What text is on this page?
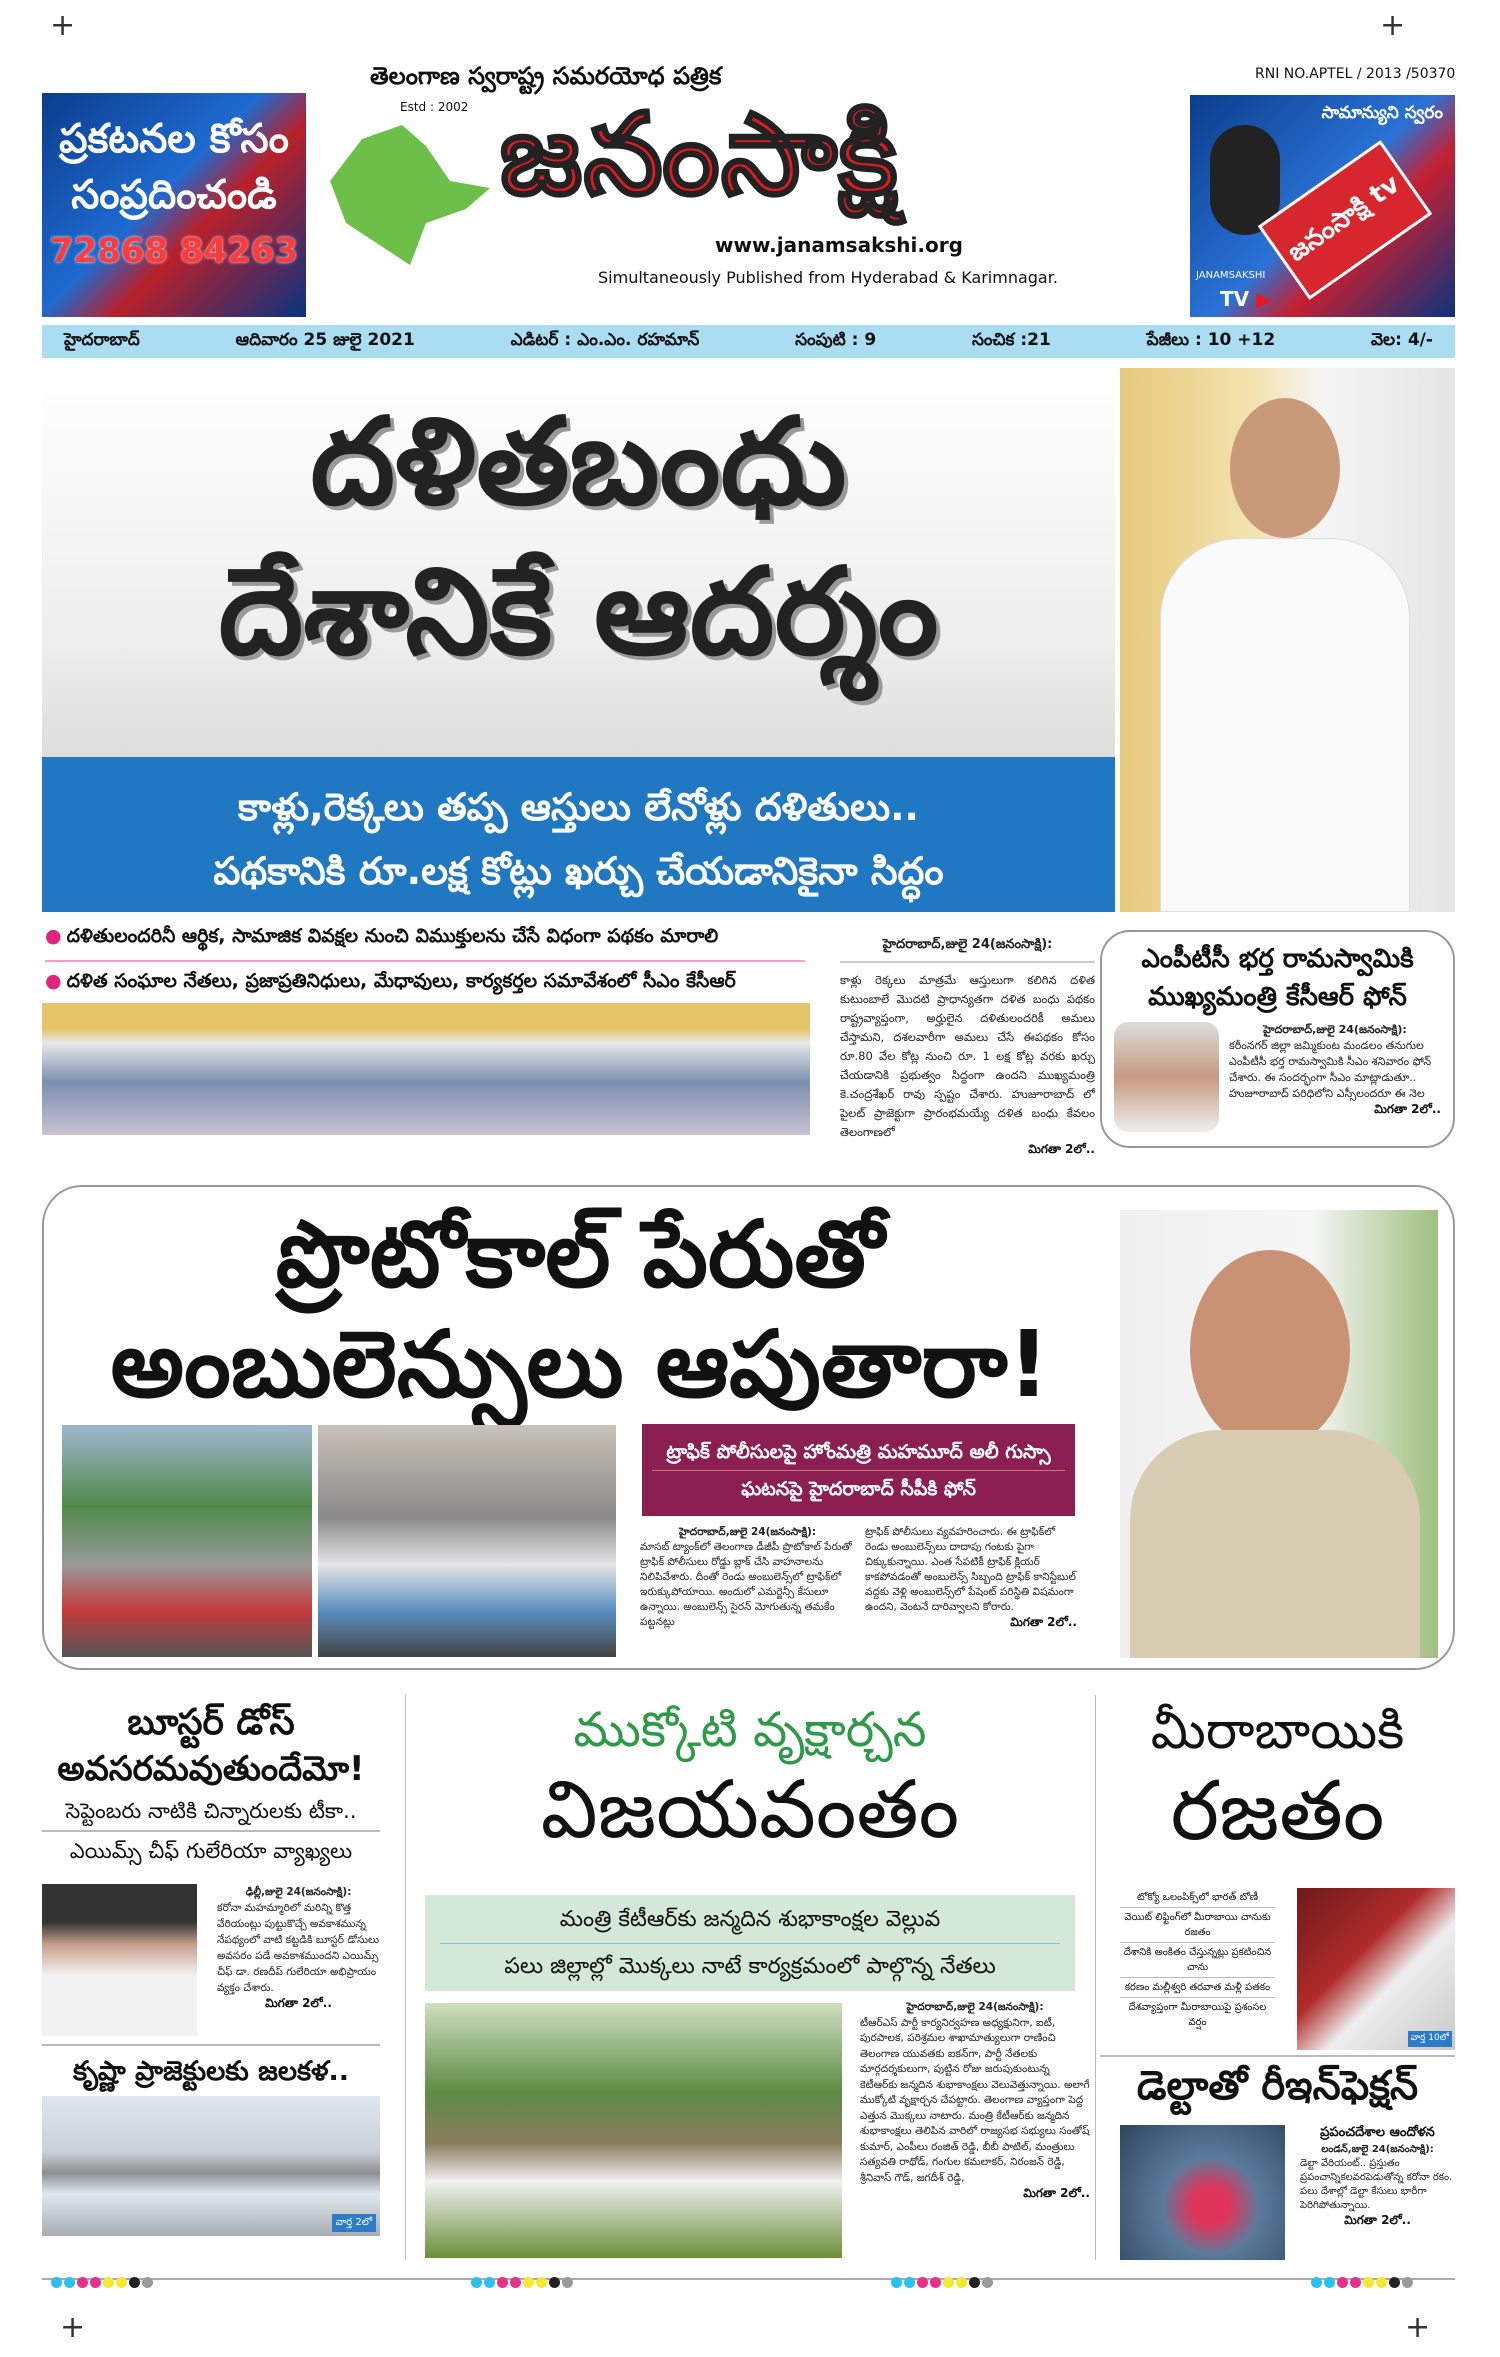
+	+
+	+
ప్రకటనల కోసం
సంప్రదించండి
72868 84263
తెలంగాణ స్వరాష్ట్ర సమరయోధ పత్రిక
Estd : 2002 జనంసాక్షి
www.janamsakshi.org
Simultaneously Published from Hyderabad & Karimnagar.
RNI NO.APTEL / 2013 /50370
సామాన్యుని స్వరం
జనంసాక్షి tv
JANAMSAKSHI
TV ▶
హైదరాబాద్	ఆదివారం 25 జులై 2021	ఎడిటర్ : ఎం.ఎం. రహమాన్	సంపుటి : 9	సంచిక :21	పేజీలు : 10 +12	వెల: 4/-
దళితబంధు
దేశానికే ఆదర్శం
కాళ్లు,రెక్కలు తప్ప ఆస్తులు లేనోళ్లు దళితులు..
పథకానికి రూ.లక్ష కోట్లు ఖర్చు చేయడానికైనా సిద్ధం
● దళితులందరినీ ఆర్థిక, సామాజిక వివక్షల నుంచి విముక్తులను చేసే విధంగా పథకం మారాలి
● దళిత సంఘాల నేతలు, ప్రజాప్రతినిధులు, మేధావులు, కార్యకర్తల సమావేశంలో సీఎం కేసీఆర్
హైదరాబాద్,జులై 24(జనంసాక్షి):
కాళ్లు రెక్కలు మాత్రమే ఆస్తులుగా కలిగిన దళిత కుటుంబాలే మొదటి ప్రాధాన్యతగా దళిత బంధు పథకం రాష్ట్రవ్యాప్తంగా, అర్హులైన దళితులందరికీ అమలు చేస్తామని, దశలవారీగా అమలు చేసే ఈపథకం కోసం రూ.80 వేల కోట్ల నుంచి రూ. 1 లక్ష కోట్ల వరకు ఖర్చు చేయడానికి ప్రభుత్వం సిద్ధంగా ఉందని ముఖ్యమంత్రి కె.చంద్రశేఖర్ రావు స్పష్టం చేశారు. హుజూరాబాద్ లో పైలట్ ప్రాజెక్టుగా ప్రారంభమయ్యే దళిత బంధు కేవలం తెలంగాణలో
మిగతా 2లో..
ఎంపీటీసీ భర్త రామస్వామికి
ముఖ్యమంత్రి కేసీఆర్ ఫోన్
హైదరాబాద్,జులై 24(జనంసాక్షి):
కరీంనగర్ జిల్లా జమ్మికుంట మండలం తనుగుల ఎంపీటీసీ భర్త రామస్వామికి సీఎం శనివారం ఫోన్ చేశారు. ఈ సందర్భంగా సీఎం మాట్లాడుతూ.. హుజూరాబాద్ పరిధిలోని ఎస్సీలందరూ ఈ నెల
మిగతా 2లో..
ప్రొటోకాల్ పేరుతో
అంబులెన్సులు ఆపుతారా!
ట్రాఫిక్ పోలీసులపై హోంమత్రి మహమూద్ అలీ గుస్సా
ఘటనపై హైదరాబాద్ సీపీకి ఫోన్
హైదరాబాద్,జులై 24(జనంసాక్షి):
మాసబ్ ట్యాంక్‌లో తెలంగాణ డీజీపీ ప్రొటోకాల్ పేరుతో ట్రాఫిక్ పోలీసులు రోడ్డు బ్లాక్ చేసి వాహనాలను నిలిపివేశారు. దీంతో రెండు అంబులెన్స్‌లో ట్రాఫిక్‌లో ఇరుక్కుపోయాయి. అందులో ఎమర్జెన్సీ కేసులూ ఉన్నాయి. అంబులెన్స్ సైరన్ మోగుతున్న తమకేం పట్టనట్లు
ట్రాఫిక్ పోలీసులు వ్యవహరించారు. ఈ ట్రాఫిక్‌లో రెండు అంబులెన్స్‌లు దాదాపు గంటకు పైగా చిక్కుకున్నాయి. ఎంత సేపటికీ ట్రాఫిక్ క్లియర్ కాకపోవడంతో అంబులెన్స్ సిబ్బంది ట్రాఫిక్ కానిస్టేబుల్ వద్దకు వెళ్లి అంబులెన్స్‌లో పేషెంట్ పరిస్థితి విషమంగా ఉందని, వెంటనే దారివ్వాలని కోరారు.
మిగతా 2లో..
బూస్టర్ డోస్
అవసరమవుతుందేమో!
సెప్టెంబరు నాటికి చిన్నారులకు టీకా..
ఎయిమ్స్ చీఫ్ గులేరియా వ్యాఖ్యలు
ఢిల్లీ,జులై 24(జనంసాక్షి):
కరోనా మహమ్మారిలో మరిన్ని కొత్త వేరియంట్లు పుట్టుకొచ్చే అవకాశమున్న నేపథ్యంలో వాటి కట్టడికి బూస్టర్ డోసులు అవసరం పడే అవకాశముందని ఎయిమ్స్ చీఫ్ డా. రణదీప్ గులేరియా అభిప్రాయం వ్యక్తం చేశారు.
మిగతా 2లో..
కృష్ణా ప్రాజెక్టులకు జలకళ..
వార్త 2లో
ముక్కోటి వృక్షార్చన
విజయవంతం
మంత్రి కేటీఆర్‌కు జన్మదిన శుభాకాంక్షల వెల్లువ
పలు జిల్లాల్లో మొక్కలు నాటే కార్యక్రమంలో పాల్గొన్న నేతలు
హైదరాబాద్,జులై 24(జనంసాక్షి):
టీఆర్ఎస్ పార్టీ కార్యనిర్వహణ అధ్యక్షునిగా, ఐటీ, పురపాలక, పరిశ్రమల శాఖామాత్యులుగా రాణించి తెలంగాణ యువతకు ఐకన్‌గా, పార్టీ నేతలకు మార్గదర్శకులుగా, పుట్టిన రోజు జరుపుకుంటున్న కెటీఆర్‌కు జన్మదిన శుభాకాంక్షలు వెలువెత్తున్నాయి. అలాగే ముక్కోటి వృక్షార్చన చేపట్టారు. తెలంగాణ వ్యాప్తంగా పెద్ద ఎత్తున మొక్కలు నాటారు. మంత్రి కేటీఆర్‌కు జన్మదిన శుభాకాంక్షలు తెలిపిన వారిలో రాజ్యసభ సభ్యులు సంతోష్ కుమార్, ఎంపీలు రంజిత్ రెడ్డి, బీబీ పాటిల్, మంత్రులు సత్యవతి రాథోడ్, గంగుల కమలాకర్, నిరంజన్ రెడ్డి, శ్రీనివాస్ గౌడ్, జగదీశ్ రెడ్డి,
మిగతా 2లో..
మీరాబాయికి
రజతం
టోక్యో ఒలంపిక్స్‌లో భారత్ బోణీ
వెయిట్ లిఫ్టింగ్‌లో మీరాబాయి చానుకు రజతం
దేశానికి అంకితం చేస్తున్నట్లు ప్రకటించిన చాను
కరణం మల్లీశ్వరి తరవాత మళ్లీ పతకం
దేశవ్యాప్తంగా మీరాబాయిపై ప్రశంసల వర్షం
వార్త 10లో
డెల్టాతో రీఇన్‌ఫెక్షన్
ప్రపంచదేశాల ఆందోళన
లండన్,జులై 24(జనంసాక్షి):
డెల్టా వేరియంట్.. ప్రస్తుతం ప్రపంచాన్నికలవరపెడుతోన్న కరోనా రకం. పలు దేశాల్లో డెల్టా కేసులు భారీగా పెరిగిపోతున్నాయి.
మిగతా 2లో..
